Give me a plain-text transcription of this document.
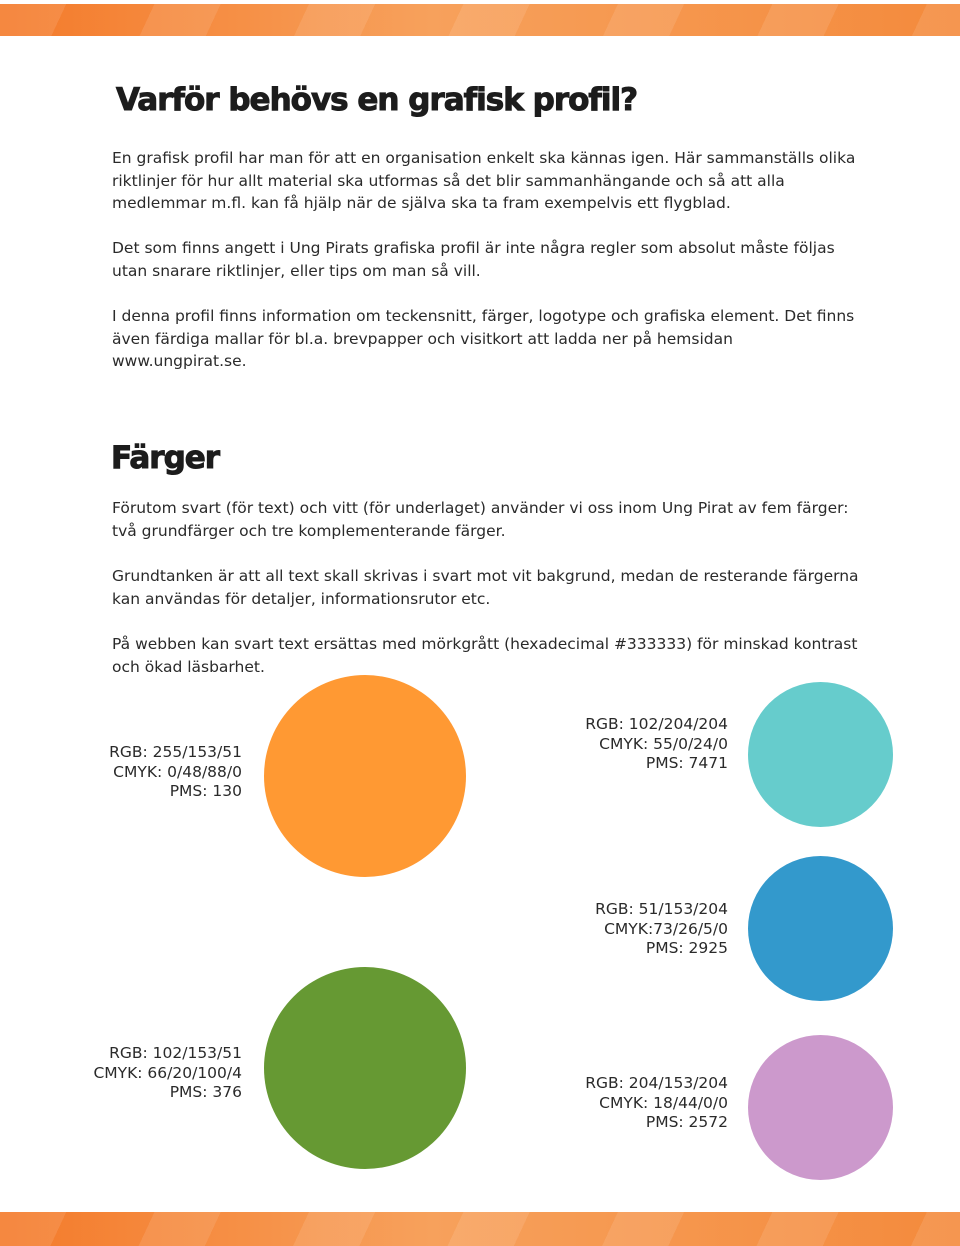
Varför behövs en grafisk profil?

En grafisk profil har man för att en organisation enkelt ska kännas igen. Här sammanställs olika riktlinjer för hur allt material ska utformas så det blir sammanhängande och så att alla medlemmar m.fl. kan få hjälp när de själva ska ta fram exempelvis ett flygblad.

Det som finns angett i Ung Pirats grafiska profil är inte några regler som absolut måste följas utan snarare riktlinjer, eller tips om man så vill.

I denna profil finns information om teckensnitt, färger, logotype och grafiska element. Det finns även färdiga mallar för bl.a. brevpapper och visitkort att ladda ner på hemsidan www.ungpirat.se.

Färger

Förutom svart (för text) och vitt (för underlaget) använder vi oss inom Ung Pirat av fem färger: två grundfärger och tre komplementerande färger.

Grundtanken är att all text skall skrivas i svart mot vit bakgrund, medan de resterande färgerna kan användas för detaljer, informationsrutor etc.

På webben kan svart text ersättas med mörkgrått (hexadecimal #333333) för minskad kontrast och ökad läsbarhet.

RGB: 255/153/51
CMYK: 0/48/88/0
PMS: 130
RGB: 102/204/204
CMYK: 55/0/24/0
PMS: 7471
RGB: 51/153/204
CMYK:73/26/5/0
PMS: 2925
RGB: 102/153/51
CMYK: 66/20/100/4
PMS: 376	RGB: 204/153/204
CMYK: 18/44/0/0
PMS: 2572
